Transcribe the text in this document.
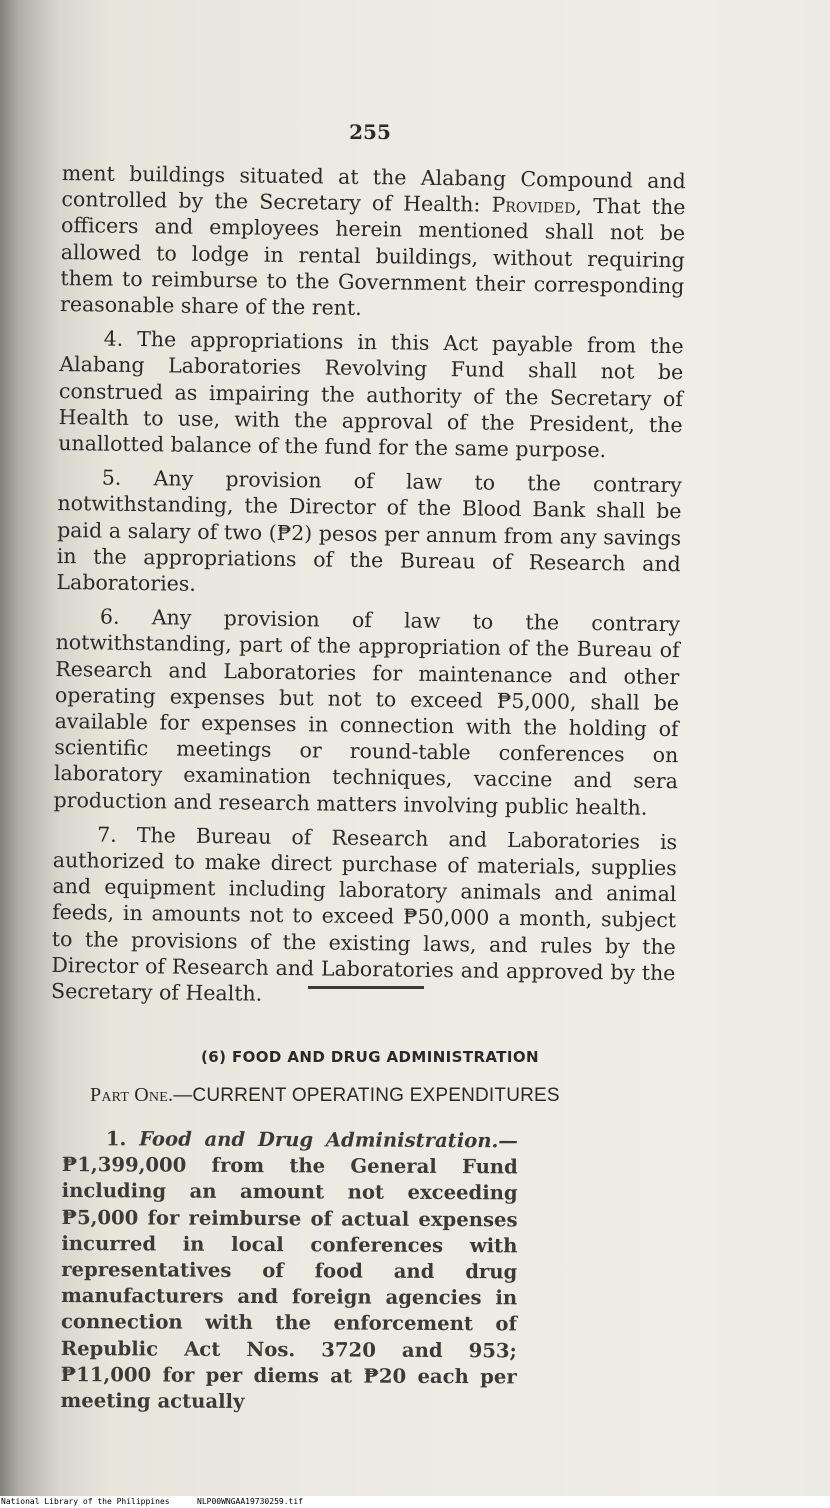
255

ment buildings situated at the Alabang Compound and controlled by the Secretary of Health: Provided, That the officers and employees herein mentioned shall not be allowed to lodge in rental buildings, without requiring them to reimburse to the Government their corresponding reasonable share of the rent.

4. The appropriations in this Act payable from the Alabang Laboratories Revolving Fund shall not be construed as impairing the authority of the Secretary of Health to use, with the approval of the President, the unallotted balance of the fund for the same purpose.

5. Any provision of law to the contrary notwithstanding, the Director of the Blood Bank shall be paid a salary of two (₱2) pesos per annum from any savings in the appropriations of the Bureau of Research and Laboratories.

6. Any provision of law to the contrary notwithstanding, part of the appropriation of the Bureau of Research and Laboratories for maintenance and other operating expenses but not to exceed ₱5,000, shall be available for expenses in connection with the holding of scientific meetings or round-table conferences on laboratory examination techniques, vaccine and sera production and research matters involving public health.

7. The Bureau of Research and Laboratories is authorized to make direct purchase of materials, supplies and equipment including laboratory animals and animal feeds, in amounts not to exceed ₱50,000 a month, subject to the provisions of the existing laws, and rules by the Director of Research and Laboratories and approved by the Secretary of Health.

(6) FOOD AND DRUG ADMINISTRATION
Part One.—CURRENT OPERATING EXPENDITURES

1. Food and Drug Administration.— ₱1,399,000 from the General Fund including an amount not exceeding ₱5,000 for reimburse of actual expenses incurred in local conferences with representatives of food and drug manufacturers and foreign agencies in connection with the enforcement of Republic Act Nos. 3720 and 953; ₱11,000 for per diems at ₱20 each per meeting actually

National Library of the Philippines	NLP00WNGAA19730259.tif
